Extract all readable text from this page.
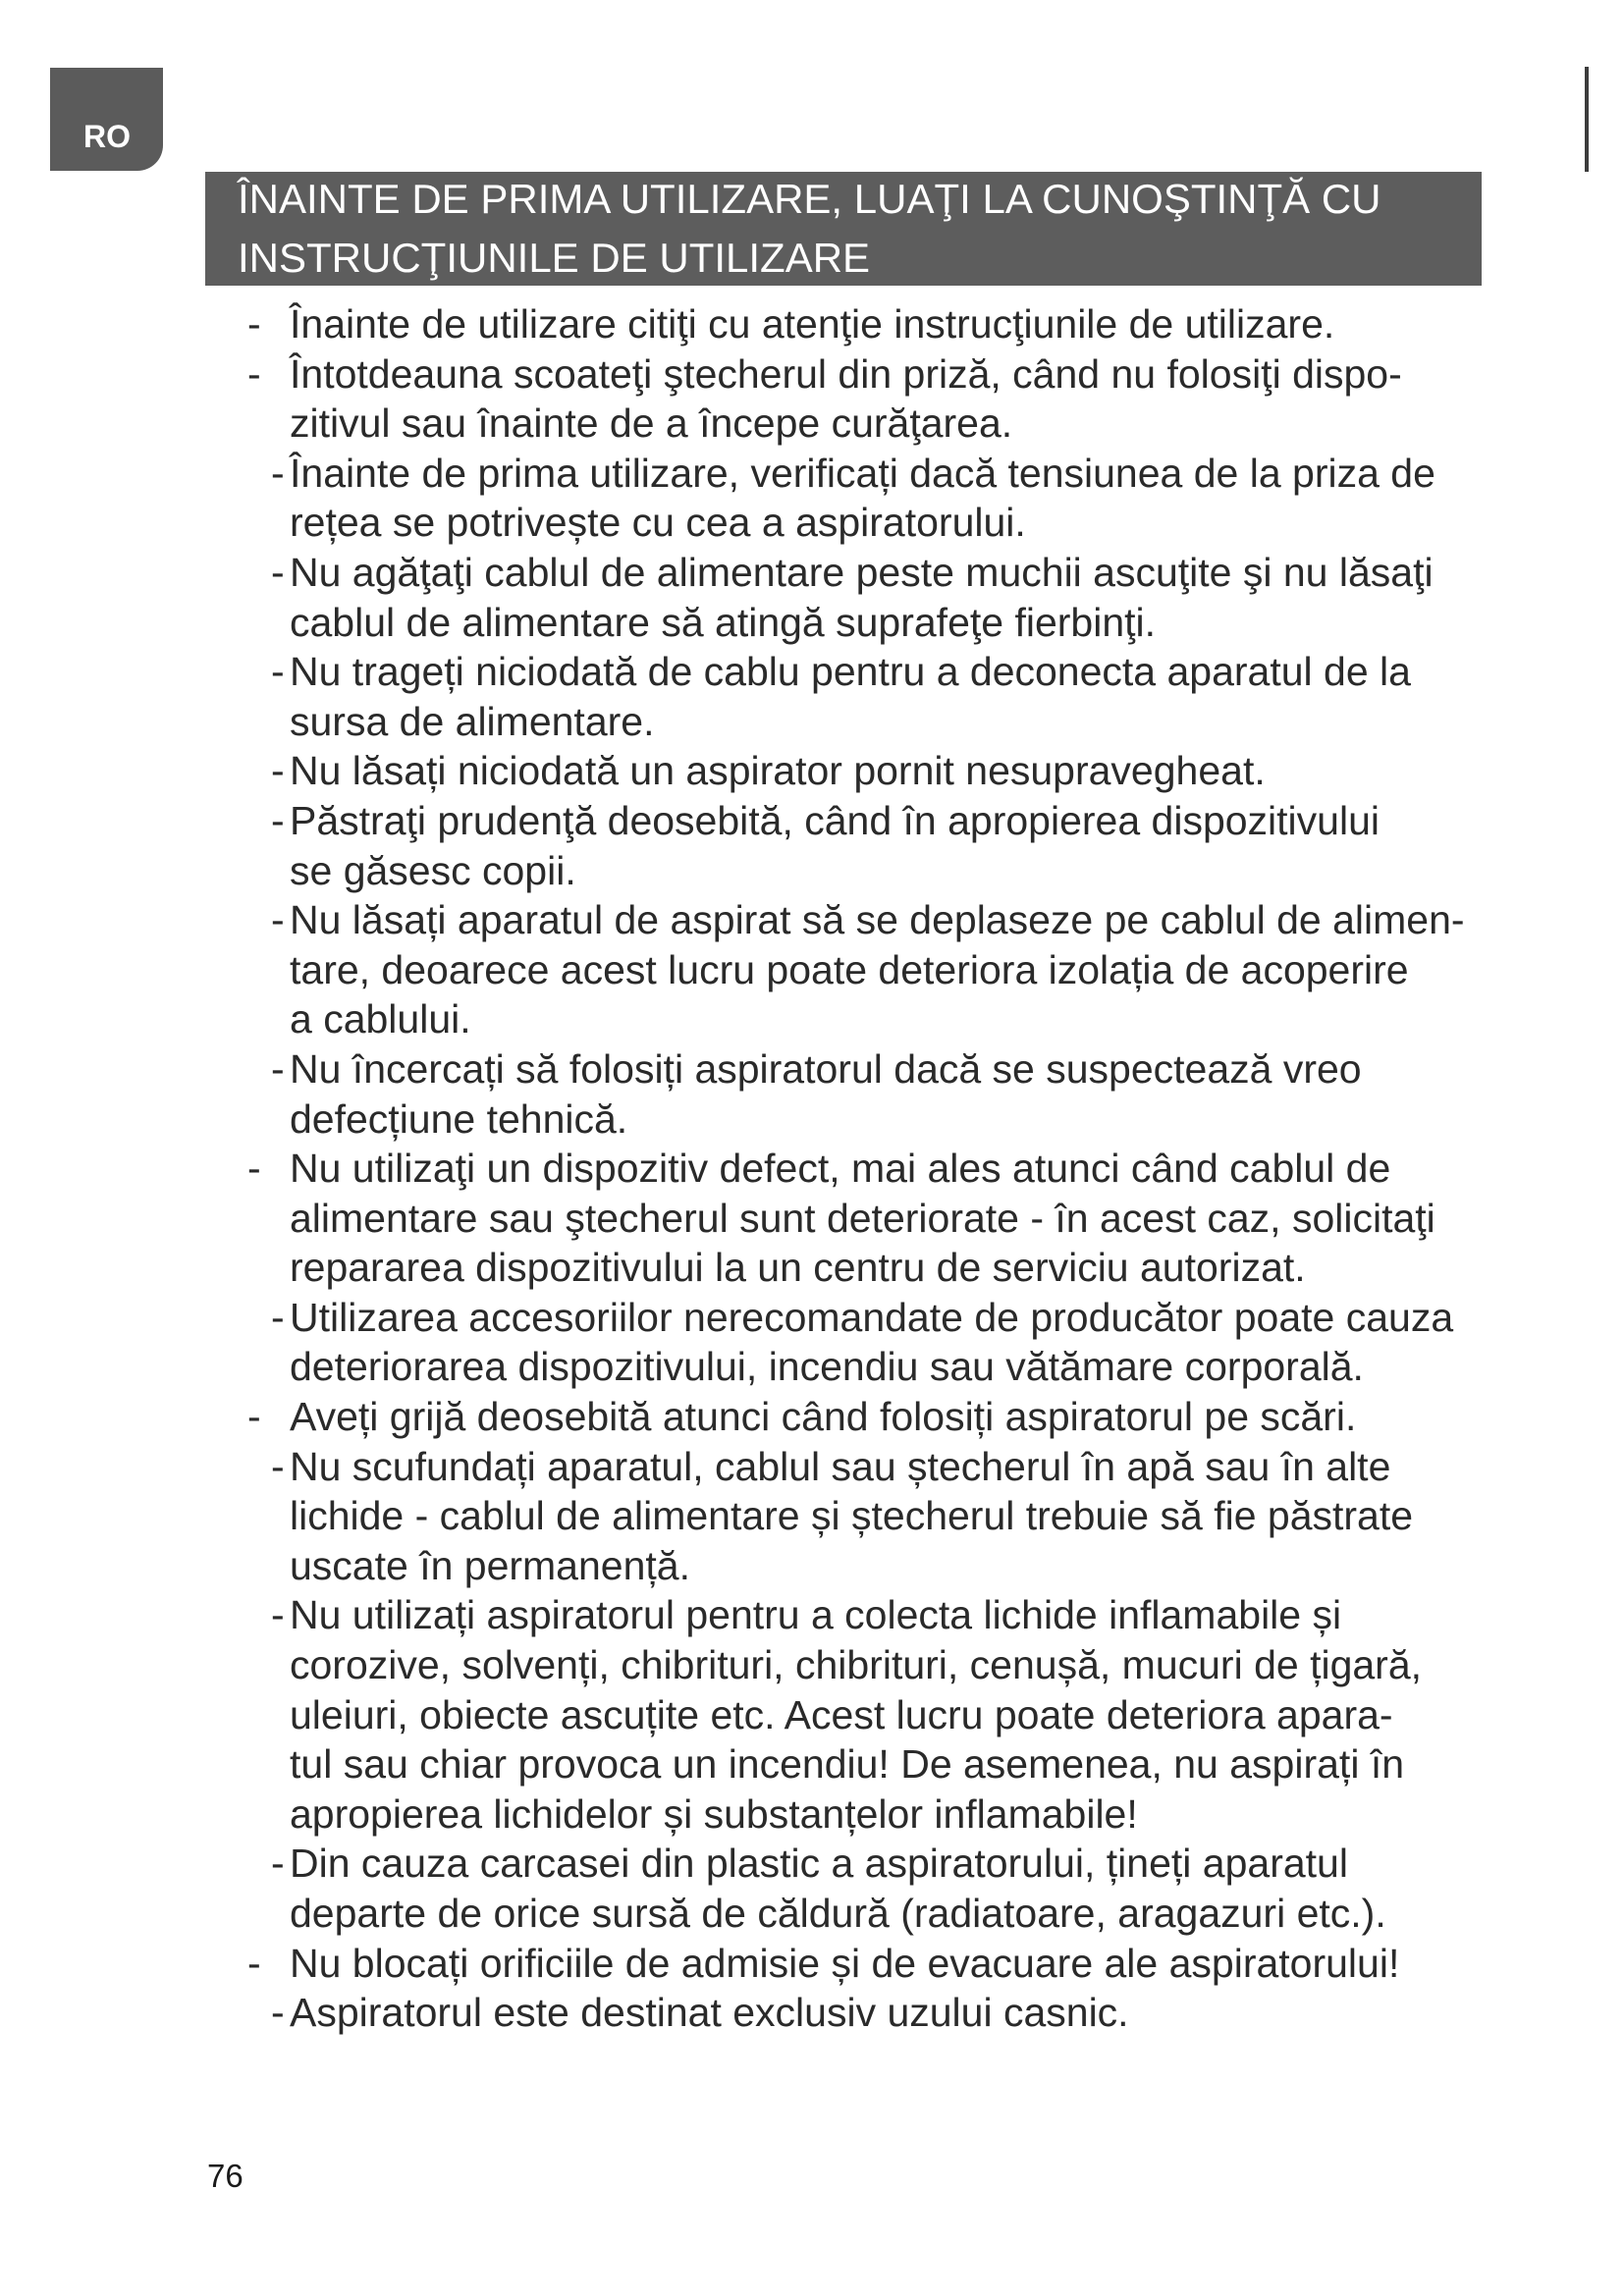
RO
ÎNAINTE DE PRIMA UTILIZARE, LUAŢI LA CUNOŞTINŢĂ CU
INSTRUCŢIUNILE DE UTILIZARE
- Înainte de utilizare citiţi cu atenţie instrucţiunile de utilizare.
- Întotdeauna scoateţi ştecherul din priză, când nu folosiţi dispo-
zitivul sau înainte de a începe curăţarea.
- Înainte de prima utilizare, verificați dacă tensiunea de la priza de
rețea se potrivește cu cea a aspiratorului.
- Nu agăţaţi cablul de alimentare peste muchii ascuţite şi nu lăsaţi
cablul de alimentare să atingă suprafeţe fierbinţi.
- Nu trageți niciodată de cablu pentru a deconecta aparatul de la
sursa de alimentare.
- Nu lăsați niciodată un aspirator pornit nesupravegheat.
- Păstraţi prudenţă deosebită, când în apropierea dispozitivului
se găsesc copii.
- Nu lăsați aparatul de aspirat să se deplaseze pe cablul de alimen-
tare, deoarece acest lucru poate deteriora izolația de acoperire
a cablului.
- Nu încercați să folosiți aspiratorul dacă se suspectează vreo
defecțiune tehnică.
- Nu utilizaţi un dispozitiv defect, mai ales atunci când cablul de
alimentare sau ştecherul sunt deteriorate - în acest caz, solicitaţi
repararea dispozitivului la un centru de serviciu autorizat.
- Utilizarea accesoriilor nerecomandate de producător poate cauza
deteriorarea dispozitivului, incendiu sau vătămare corporală.
- Aveți grijă deosebită atunci când folosiți aspiratorul pe scări.
- Nu scufundați aparatul, cablul sau ștecherul în apă sau în alte
lichide - cablul de alimentare și ștecherul trebuie să fie păstrate
uscate în permanență.
- Nu utilizați aspiratorul pentru a colecta lichide inflamabile și
corozive, solvenți, chibrituri, chibrituri, cenușă, mucuri de țigară,
uleiuri, obiecte ascuțite etc. Acest lucru poate deteriora apara-
tul sau chiar provoca un incendiu! De asemenea, nu aspirați în
apropierea lichidelor și substanțelor inflamabile!
- Din cauza carcasei din plastic a aspiratorului, țineți aparatul
departe de orice sursă de căldură (radiatoare, aragazuri etc.).
- Nu blocați orificiile de admisie și de evacuare ale aspiratorului!
- Aspiratorul este destinat exclusiv uzului casnic.
76
